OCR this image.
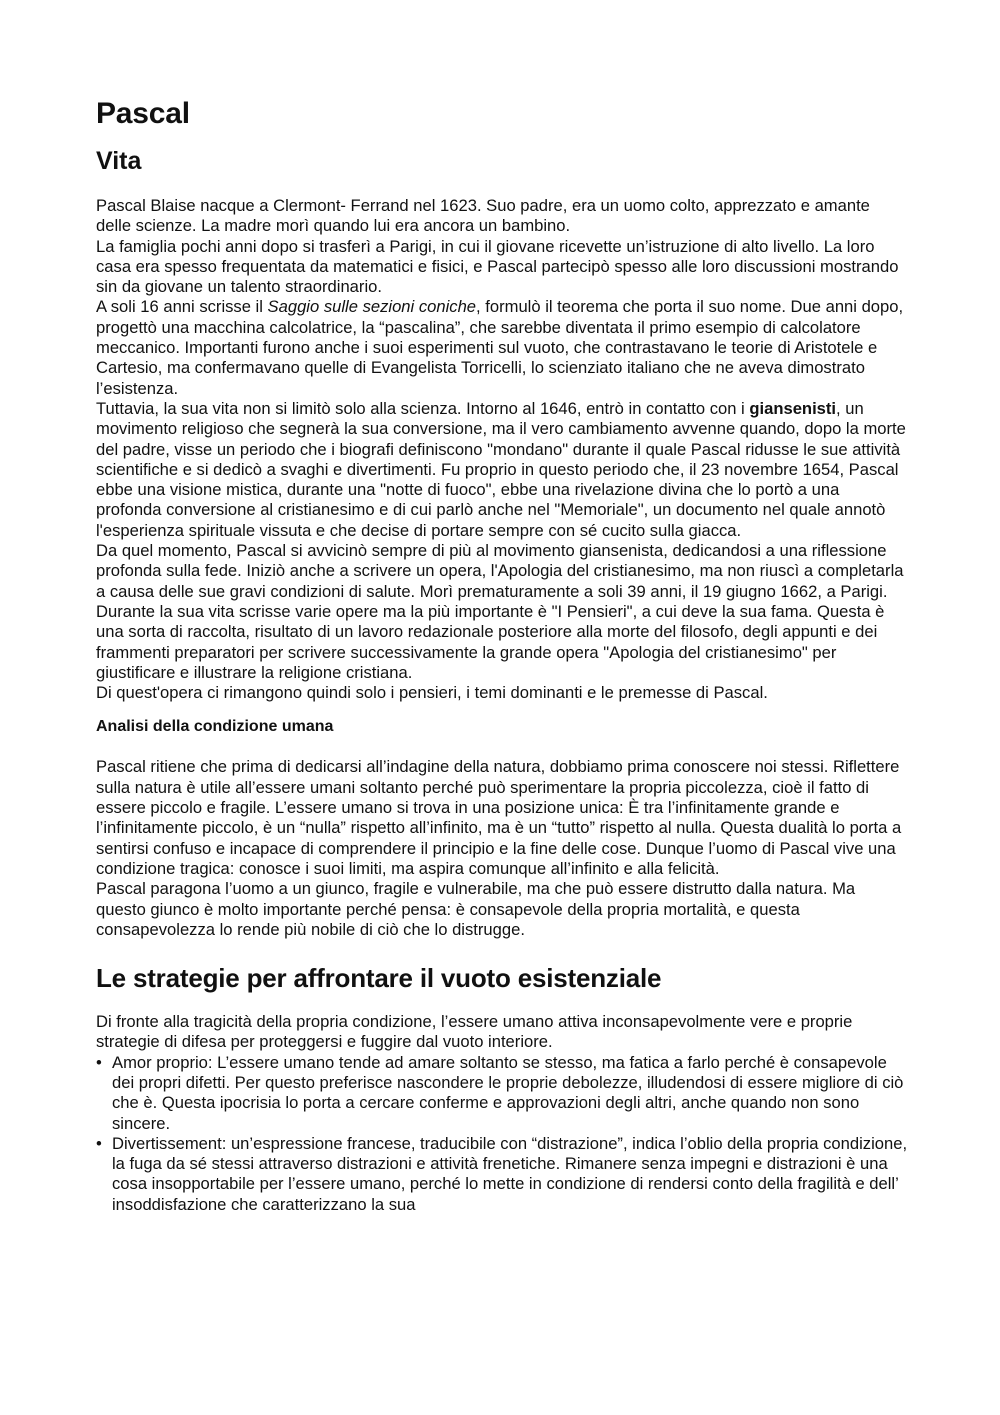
Pascal
Vita

Pascal Blaise nacque a Clermont- Ferrand nel 1623. Suo padre, era un uomo colto, apprezzato e amante delle scienze. La madre morì quando lui era ancora un bambino.

La famiglia pochi anni dopo si trasferì a Parigi, in cui il giovane ricevette un’istruzione di alto livello. La loro casa era spesso frequentata da matematici e fisici, e Pascal partecipò spesso alle loro discussioni mostrando sin da giovane un talento straordinario.

A soli 16 anni scrisse il Saggio sulle sezioni coniche, formulò il teorema che porta il suo nome. Due anni dopo, progettò una macchina calcolatrice, la “pascalina”, che sarebbe diventata il primo esempio di calcolatore meccanico. Importanti furono anche i suoi esperimenti sul vuoto, che contrastavano le teorie di Aristotele e Cartesio, ma confermavano quelle di Evangelista Torricelli, lo scienziato italiano che ne aveva dimostrato l’esistenza.

Tuttavia, la sua vita non si limitò solo alla scienza. Intorno al 1646, entrò in contatto con i giansenisti, un movimento religioso che segnerà la sua conversione, ma il vero cambiamento avvenne quando, dopo la morte del padre, visse un periodo che i biografi definiscono "mondano" durante il quale Pascal ridusse le sue attività scientifiche e si dedicò a svaghi e divertimenti. Fu proprio in questo periodo che, il 23 novembre 1654, Pascal ebbe una visione mistica, durante una "notte di fuoco", ebbe una rivelazione divina che lo portò a una profonda conversione al cristianesimo e di cui parlò anche nel "Memoriale", un documento nel quale annotò l'esperienza spirituale vissuta e che decise di portare sempre con sé cucito sulla giacca.

Da quel momento, Pascal si avvicinò sempre di più al movimento giansenista, dedicandosi a una riflessione profonda sulla fede. Iniziò anche a scrivere un opera, l'Apologia del cristianesimo, ma non riuscì a completarla a causa delle sue gravi condizioni di salute. Morì prematuramente a soli 39 anni, il 19 giugno 1662, a Parigi.

Durante la sua vita scrisse varie opere ma la più importante è "I Pensieri", a cui deve la sua fama. Questa è una sorta di raccolta, risultato di un lavoro redazionale posteriore alla morte del filosofo, degli appunti e dei frammenti preparatori per scrivere successivamente la grande opera "Apologia del cristianesimo" per giustificare e illustrare la religione cristiana.

Di quest'opera ci rimangono quindi solo i pensieri, i temi dominanti e le premesse di Pascal.

Analisi della condizione umana

Pascal ritiene che prima di dedicarsi all’indagine della natura, dobbiamo prima conoscere noi stessi. Riflettere sulla natura è utile all’essere umani soltanto perché può sperimentare la propria piccolezza, cioè il fatto di essere piccolo e fragile. L’essere umano si trova in una posizione unica: È tra l’infinitamente grande e l’infinitamente piccolo, è un “nulla” rispetto all’infinito, ma è un “tutto” rispetto al nulla. Questa dualità lo porta a sentirsi confuso e incapace di comprendere il principio e la fine delle cose. Dunque l’uomo di Pascal vive una condizione tragica: conosce i suoi limiti, ma aspira comunque all’infinito e alla felicità.

Pascal paragona l’uomo a un giunco, fragile e vulnerabile, ma che può essere distrutto dalla natura. Ma questo giunco è molto importante perché pensa: è consapevole della propria mortalità, e questa consapevolezza lo rende più nobile di ciò che lo distrugge.

Le strategie per affrontare il vuoto esistenziale

Di fronte alla tragicità della propria condizione, l’essere umano attiva inconsapevolmente vere e proprie strategie di difesa per proteggersi e fuggire dal vuoto interiore.

• Amor proprio: L’essere umano tende ad amare soltanto se stesso, ma fatica a farlo perché è consapevole dei propri difetti. Per questo preferisce nascondere le proprie debolezze, illudendosi di essere migliore di ciò che è. Questa ipocrisia lo porta a cercare conferme e approvazioni degli altri, anche quando non sono sincere.
• Divertissement: un’espressione francese, traducibile con “distrazione”, indica l’oblio della propria condizione, la fuga da sé stessi attraverso distrazioni e attività frenetiche. Rimanere senza impegni e distrazioni è una cosa insopportabile per l’essere umano, perché lo mette in condizione di rendersi conto della fragilità e dell’ insoddisfazione che caratterizzano la sua
